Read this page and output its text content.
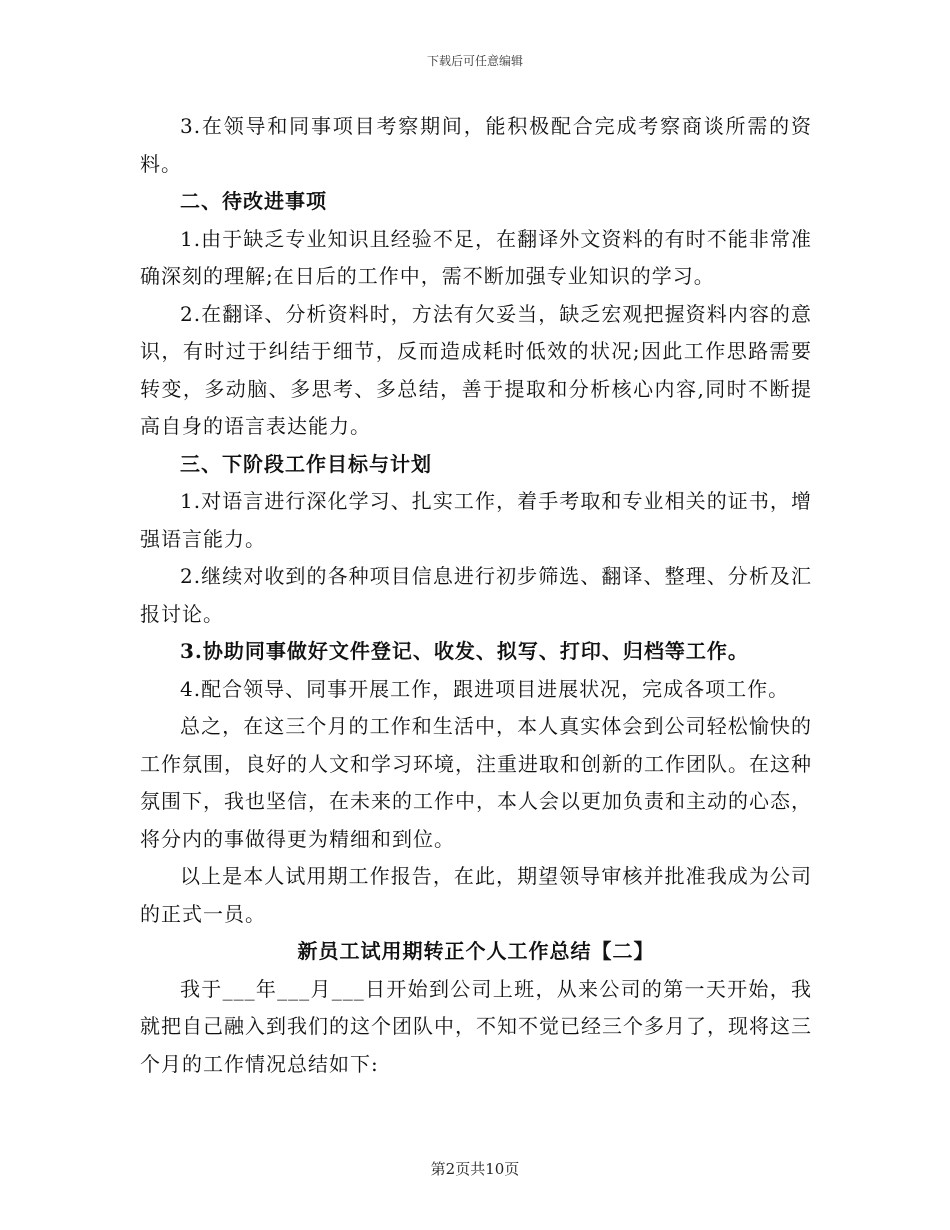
下载后可任意编辑

3.在领导和同事项目考察期间，能积极配合完成考察商谈所需的资料。

二、待改进事项

1.由于缺乏专业知识且经验不足，在翻译外文资料的有时不能非常准确深刻的理解;在日后的工作中，需不断加强专业知识的学习。

2.在翻译、分析资料时，方法有欠妥当，缺乏宏观把握资料内容的意识，有时过于纠结于细节，反而造成耗时低效的状况;因此工作思路需要转变，多动脑、多思考、多总结，善于提取和分析核心内容,同时不断提高自身的语言表达能力。

三、下阶段工作目标与计划

1.对语言进行深化学习、扎实工作，着手考取和专业相关的证书，增强语言能力。

2.继续对收到的各种项目信息进行初步筛选、翻译、整理、分析及汇报讨论。

3.协助同事做好文件登记、收发、拟写、打印、归档等工作。

4.配合领导、同事开展工作，跟进项目进展状况，完成各项工作。

总之，在这三个月的工作和生活中，本人真实体会到公司轻松愉快的工作氛围，良好的人文和学习环境，注重进取和创新的工作团队。在这种氛围下，我也坚信，在未来的工作中，本人会以更加负责和主动的心态，将分内的事做得更为精细和到位。

以上是本人试用期工作报告，在此，期望领导审核并批准我成为公司的正式一员。

新员工试用期转正个人工作总结【二】

我于___年___月___日开始到公司上班，从来公司的第一天开始，我就把自己融入到我们的这个团队中，不知不觉已经三个多月了，现将这三个月的工作情况总结如下:

第2页共10页
